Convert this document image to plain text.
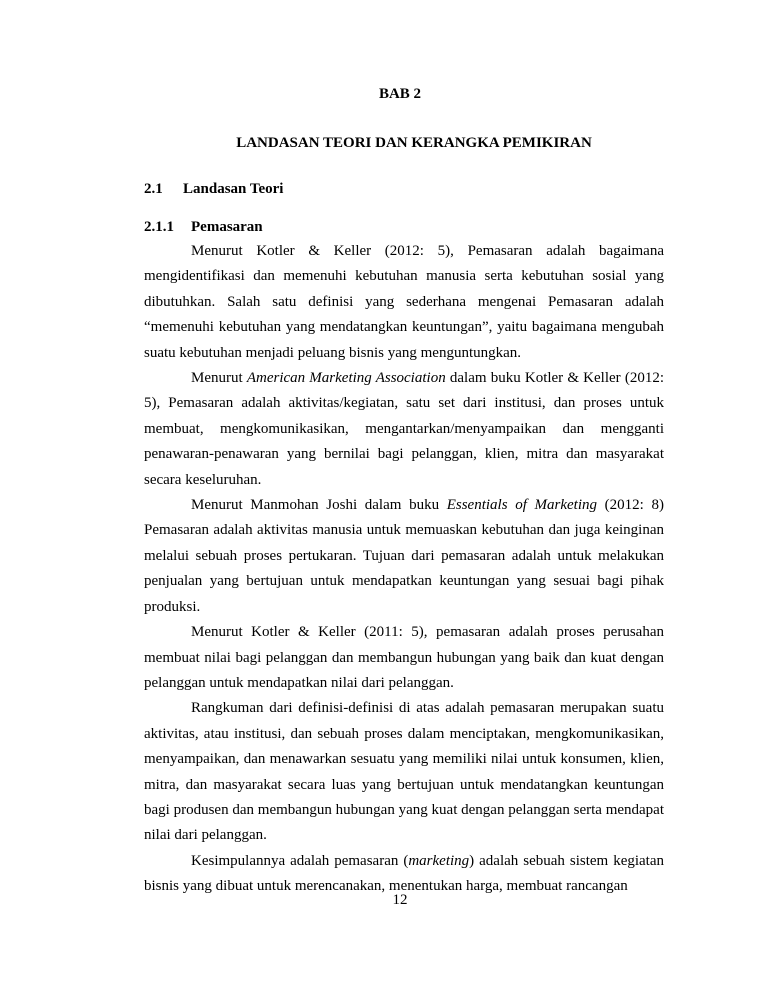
BAB 2
LANDASAN TEORI DAN KERANGKA PEMIKIRAN
2.1 Landasan Teori
2.1.1 Pemasaran

Menurut Kotler & Keller (2012: 5), Pemasaran adalah bagaimana mengidentifikasi dan memenuhi kebutuhan manusia serta kebutuhan sosial yang dibutuhkan. Salah satu definisi yang sederhana mengenai Pemasaran adalah “memenuhi kebutuhan yang mendatangkan keuntungan”, yaitu bagaimana mengubah suatu kebutuhan menjadi peluang bisnis yang menguntungkan.

Menurut American Marketing Association dalam buku Kotler & Keller (2012: 5), Pemasaran adalah aktivitas/kegiatan, satu set dari institusi, dan proses untuk membuat, mengkomunikasikan, mengantarkan/menyampaikan dan mengganti penawaran-penawaran yang bernilai bagi pelanggan, klien, mitra dan masyarakat secara keseluruhan.

Menurut Manmohan Joshi dalam buku Essentials of Marketing (2012: 8) Pemasaran adalah aktivitas manusia untuk memuaskan kebutuhan dan juga keinginan melalui sebuah proses pertukaran. Tujuan dari pemasaran adalah untuk melakukan penjualan yang bertujuan untuk mendapatkan keuntungan yang sesuai bagi pihak produksi.

Menurut Kotler & Keller (2011: 5), pemasaran adalah proses perusahan membuat nilai bagi pelanggan dan membangun hubungan yang baik dan kuat dengan pelanggan untuk mendapatkan nilai dari pelanggan.

Rangkuman dari definisi-definisi di atas adalah pemasaran merupakan suatu aktivitas, atau institusi, dan sebuah proses dalam menciptakan, mengkomunikasikan, menyampaikan, dan menawarkan sesuatu yang memiliki nilai untuk konsumen, klien, mitra, dan masyarakat secara luas yang bertujuan untuk mendatangkan keuntungan bagi produsen dan membangun hubungan yang kuat dengan pelanggan serta mendapat nilai dari pelanggan.

Kesimpulannya adalah pemasaran (marketing) adalah sebuah sistem kegiatan bisnis yang dibuat untuk merencanakan, menentukan harga, membuat rancangan

12
